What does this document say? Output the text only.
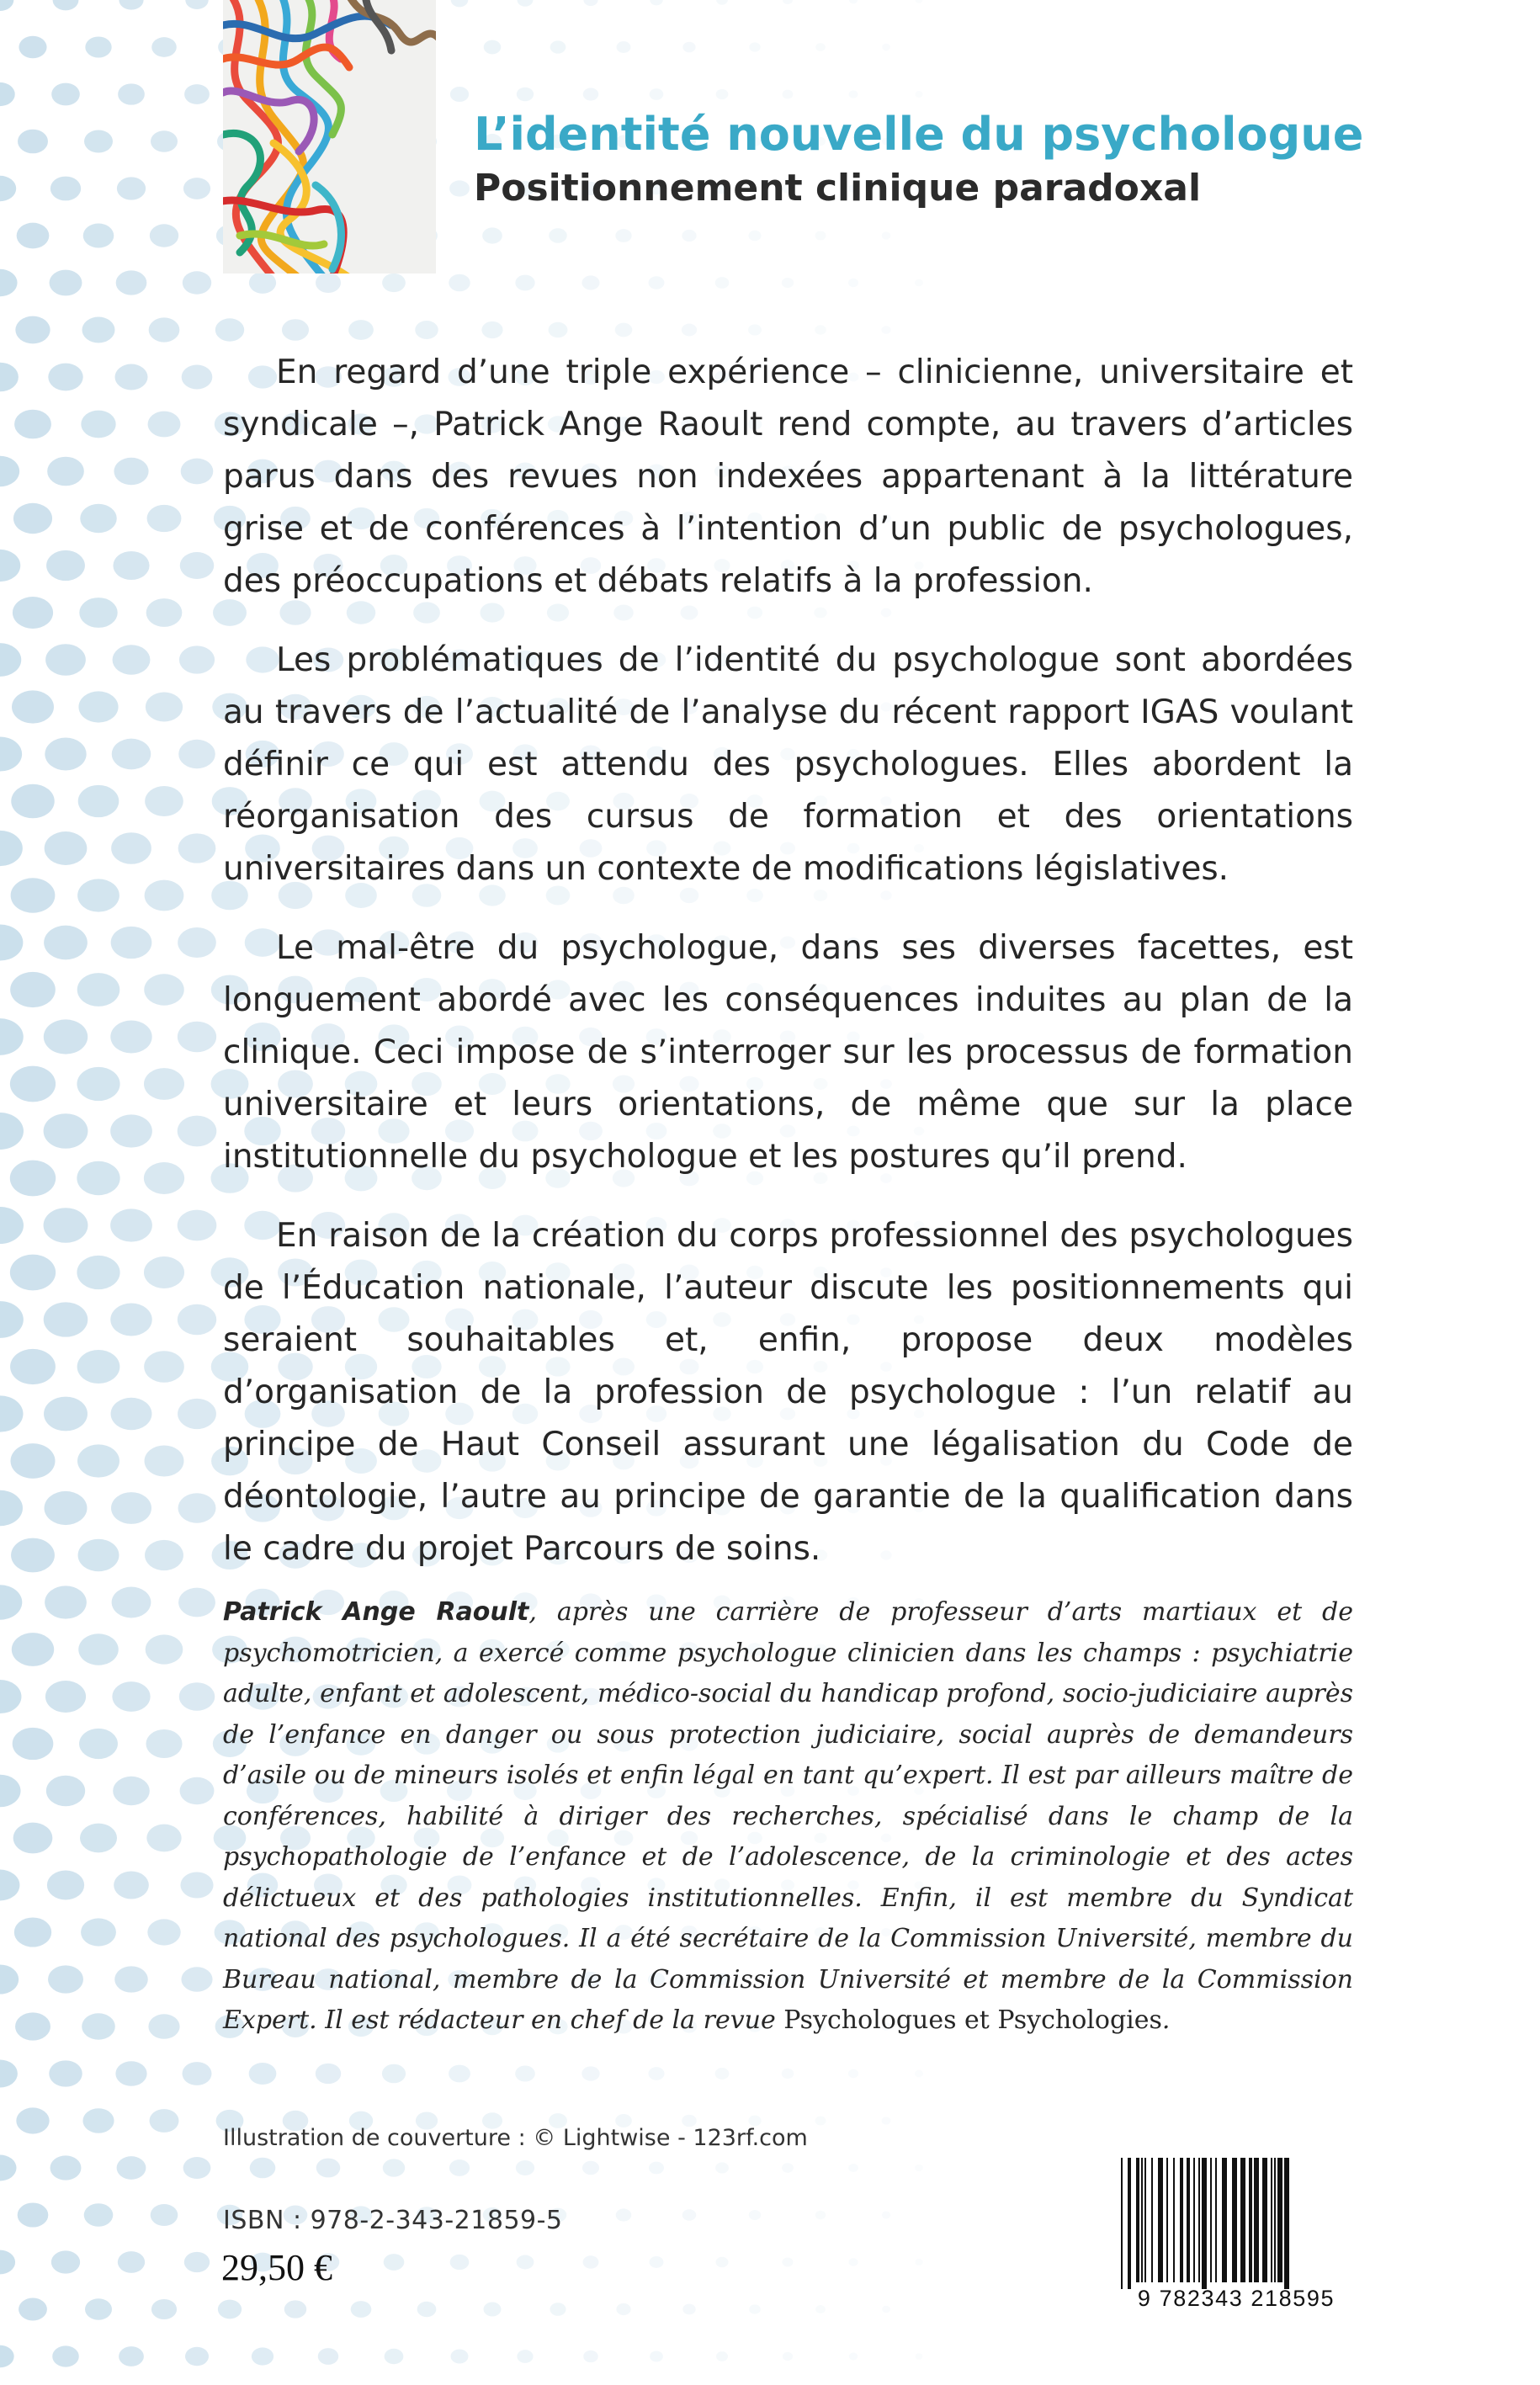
L’identité nouvelle du psychologue
Positionnement clinique paradoxal

En regard d’une triple expérience – clinicienne, universitaire et syndicale –, Patrick Ange Raoult rend compte, au travers d’articles parus dans des revues non indexées appartenant à la littérature grise et de conférences à l’intention d’un public de psychologues, des préoccupations et débats relatifs à la profession.

Les problématiques de l’identité du psychologue sont abordées au travers de l’actualité de l’analyse du récent rapport IGAS voulant définir ce qui est attendu des psychologues. Elles abordent la réorganisation des cursus de formation et des orientations universitaires dans un contexte de modifications législatives.

Le mal-être du psychologue, dans ses diverses facettes, est longuement abordé avec les conséquences induites au plan de la clinique. Ceci impose de s’interroger sur les processus de formation universitaire et leurs orientations, de même que sur la place institutionnelle du psychologue et les postures qu’il prend.

En raison de la création du corps professionnel des psychologues de l’Éducation nationale, l’auteur discute les positionnements qui seraient souhaitables et, enfin, propose deux modèles d’organisation de la profession de psychologue : l’un relatif au principe de Haut Conseil assurant une légalisation du Code de déontologie, l’autre au principe de garantie de la qualification dans le cadre du projet Parcours de soins.

Patrick Ange Raoult, après une carrière de professeur d’arts martiaux et de psychomotricien, a exercé comme psychologue clinicien dans les champs : psychiatrie adulte, enfant et adolescent, médico-social du handicap profond, socio-judiciaire auprès de l’enfance en danger ou sous protection judiciaire, social auprès de demandeurs d’asile ou de mineurs isolés et enfin légal en tant qu’expert. Il est par ailleurs maître de conférences, habilité à diriger des recherches, spécialisé dans le champ de la psychopathologie de l’enfance et de l’adolescence, de la criminologie et des actes délictueux et des pathologies institutionnelles. Enfin, il est membre du Syndicat national des psychologues. Il a été secrétaire de la Commission Université, membre du Bureau national, membre de la Commission Université et membre de la Commission Expert. Il est rédacteur en chef de la revue Psychologues et Psychologies.
Illustration de couverture : © Lightwise - 123rf.com
ISBN : 978-2-343-21859-5
29,50 €
9 782343 218595
